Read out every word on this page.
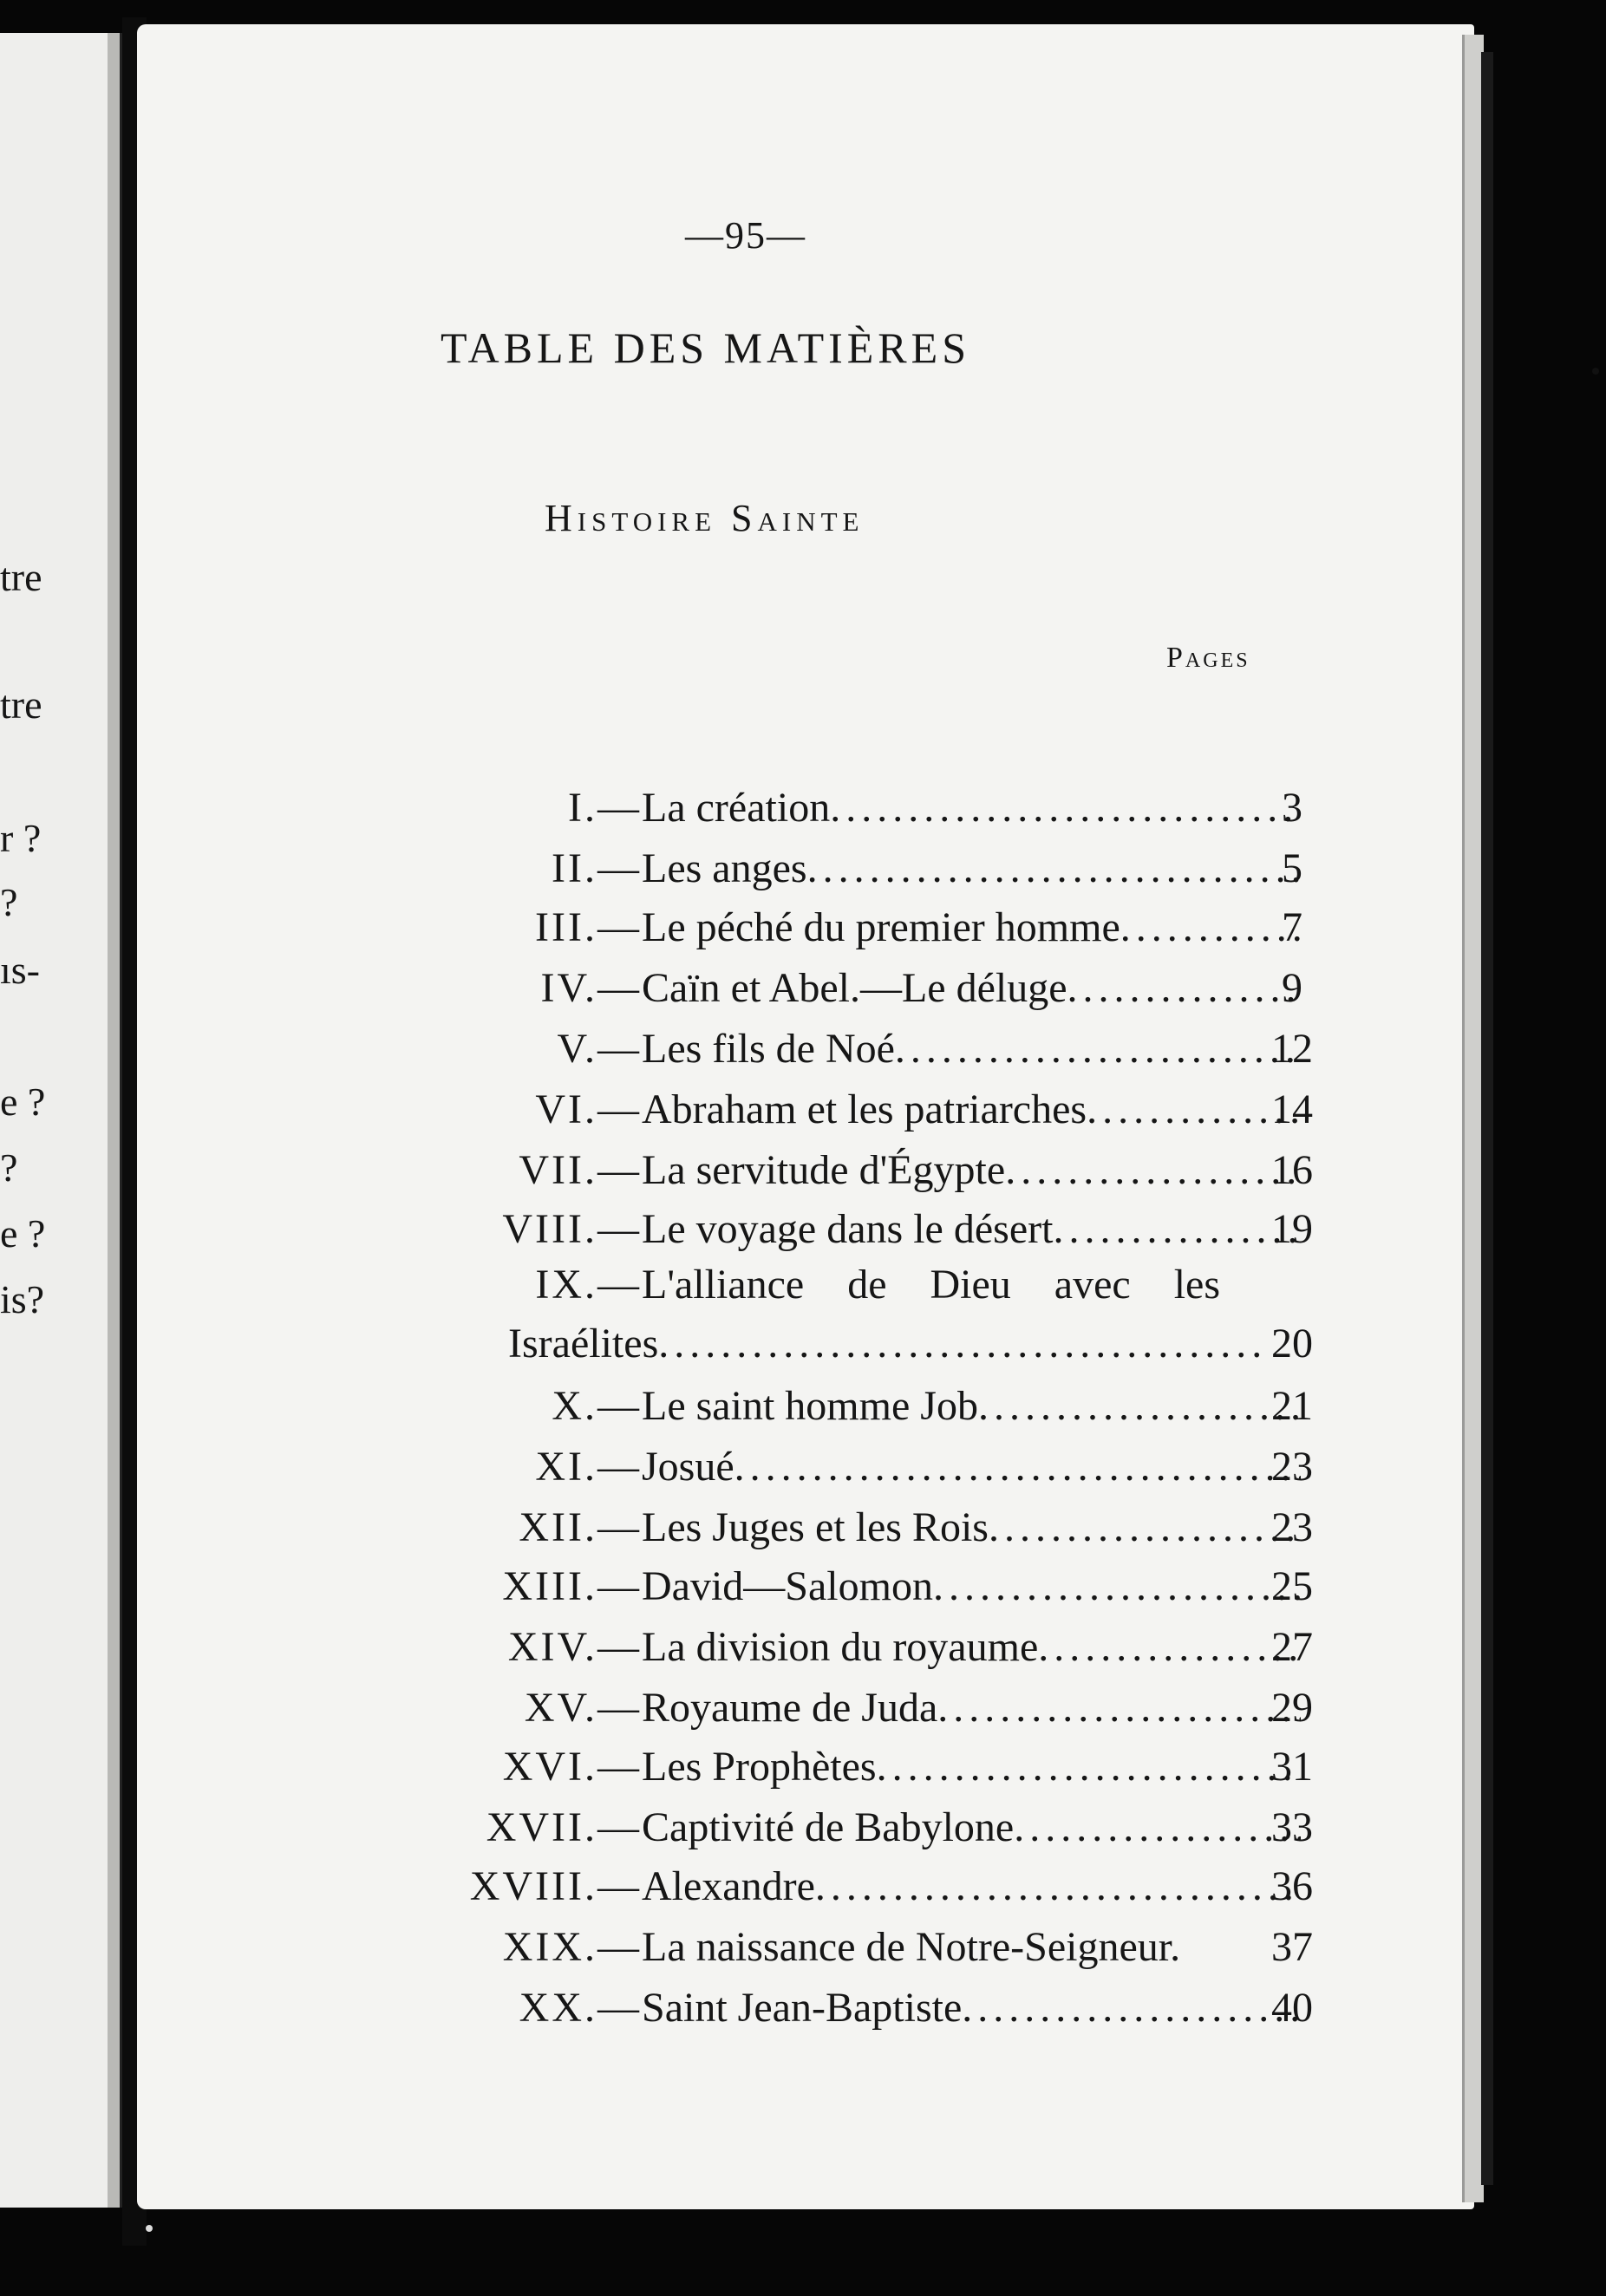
tre
tre
r ?
?
ıs-
e ?
?
e ?
is?
—95—
TABLE DES MATIÈRES
Histoire Sainte
Pages
I.— La création .....	3
II.— Les anges .....	5
III.— Le péché du premier homme .....	7
IV.— Caïn et Abel.—Le déluge .....	9
V.— Les fils de Noé .....	12
VI.— Abraham et les patriarches .....	14
VII.— La servitude d'Égypte .....	16
VIII.— Le voyage dans le désert .....	19
IX.— L'alliance de Dieu avec les
Israélites .....	20
X.— Le saint homme Job .....	21
XI.— Josué .....	23
XII.— Les Juges et les Rois .....	23
XIII.— David—Salomon .....	25
XIV.— La division du royaume .....	27
XV.— Royaume de Juda .....	29
XVI.— Les Prophètes .....	31
XVII.— Captivité de Babylone .....	33
XVIII.— Alexandre .....	36
XIX.— La naissance de Notre-Seigneur. 37
XX.— Saint Jean-Baptiste .....	40
